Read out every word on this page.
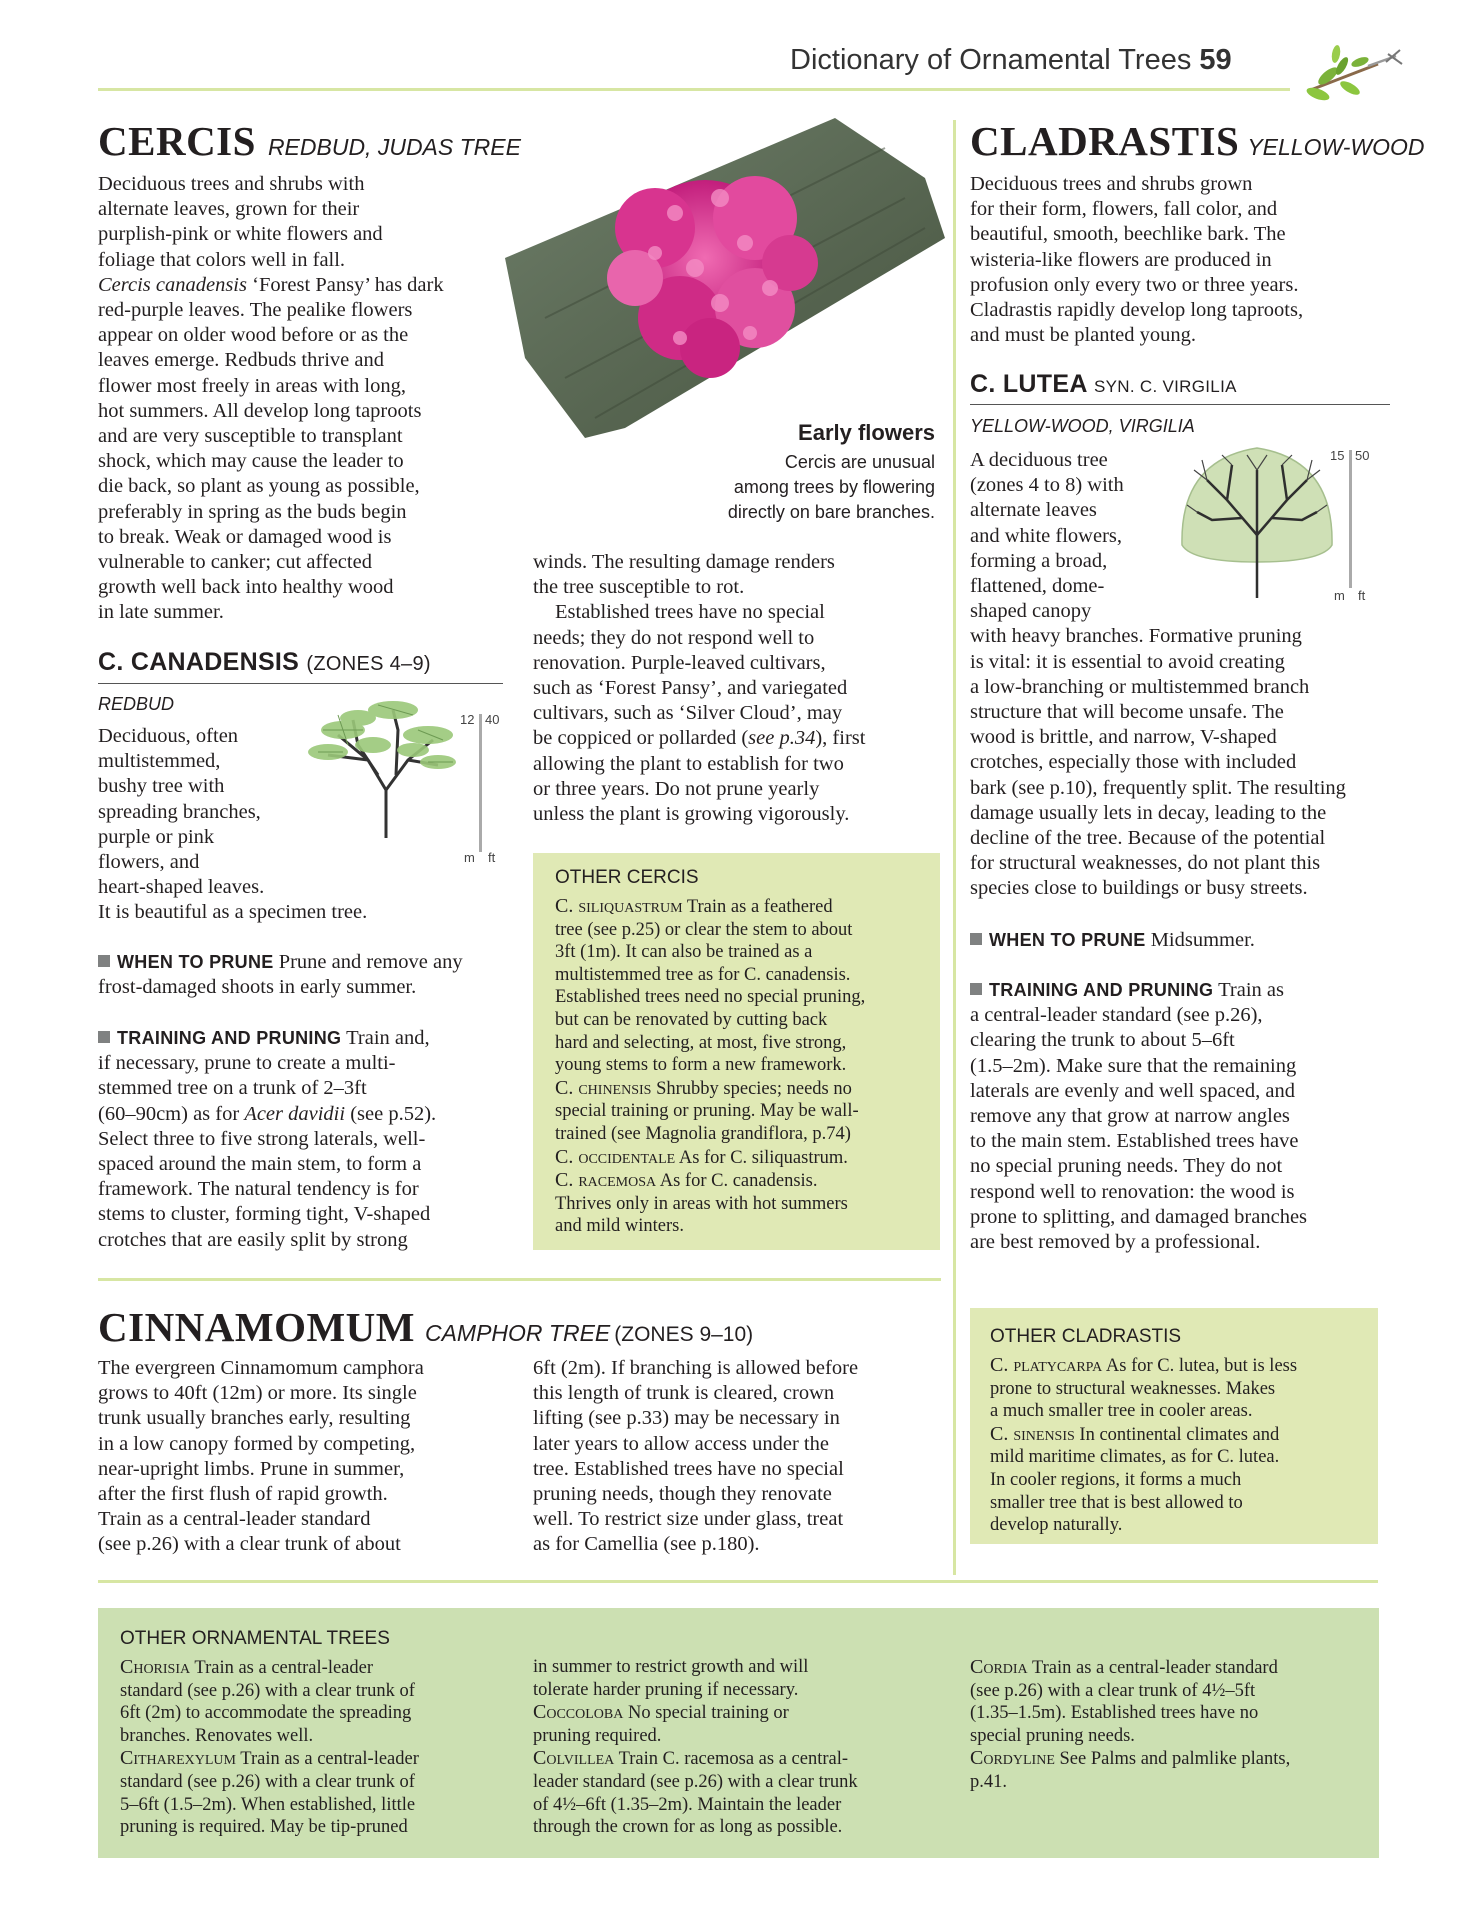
Dictionary of Ornamental Trees 59
CERCIS REDBUD, JUDAS TREE
Deciduous trees and shrubs with
alternate leaves, grown for their
purplish-pink or white flowers and
foliage that colors well in fall.
Cercis canadensis ‘Forest Pansy’ has dark
red-purple leaves. The pealike flowers
appear on older wood before or as the
leaves emerge. Redbuds thrive and
flower most freely in areas with long,
hot summers. All develop long taproots
and are very susceptible to transplant
shock, which may cause the leader to
die back, so plant as young as possible,
preferably in spring as the buds begin
to break. Weak or damaged wood is
vulnerable to canker; cut affected
growth well back into healthy wood
in late summer.
Early flowers
Cercis are unusual
among trees by flowering
directly on bare branches.
C. CANADENSIS (ZONES 4–9)
REDBUD
12 40
m ft
Deciduous, often
multistemmed,
bushy tree with
spreading branches,
purple or pink
flowers, and
heart-shaped leaves.
It is beautiful as a specimen tree.
WHEN TO PRUNE Prune and remove any
frost-damaged shoots in early summer.
TRAINING AND PRUNING Train and,
if necessary, prune to create a multi-
stemmed tree on a trunk of 2–3ft
(60–90cm) as for Acer davidii (see p.52).
Select three to five strong laterals, well-
spaced around the main stem, to form a
framework. The natural tendency is for
stems to cluster, forming tight, V-shaped
crotches that are easily split by strong
winds. The resulting damage renders
the tree susceptible to rot.
Established trees have no special
needs; they do not respond well to
renovation. Purple-leaved cultivars,
such as ‘Forest Pansy’, and variegated
cultivars, such as ‘Silver Cloud’, may
be coppiced or pollarded (see p.34), first
allowing the plant to establish for two
or three years. Do not prune yearly
unless the plant is growing vigorously.
OTHER CERCIS
C. siliquastrum Train as a feathered
tree (see p.25) or clear the stem to about
3ft (1m). It can also be trained as a
multistemmed tree as for C. canadensis.
Established trees need no special pruning,
but can be renovated by cutting back
hard and selecting, at most, five strong,
young stems to form a new framework.
C. chinensis Shrubby species; needs no
special training or pruning. May be wall-
trained (see Magnolia grandiflora, p.74)
C. occidentale As for C. siliquastrum.
C. racemosa As for C. canadensis.
Thrives only in areas with hot summers
and mild winters.
CLADRASTIS YELLOW-WOOD
Deciduous trees and shrubs grown
for their form, flowers, fall color, and
beautiful, smooth, beechlike bark. The
wisteria-like flowers are produced in
profusion only every two or three years.
Cladrastis rapidly develop long taproots,
and must be planted young.
C. LUTEA SYN. C. VIRGILIA
YELLOW-WOOD, VIRGILIA
15 50
m ft
A deciduous tree
(zones 4 to 8) with
alternate leaves
and white flowers,
forming a broad,
flattened, dome-
shaped canopy
with heavy branches. Formative pruning
is vital: it is essential to avoid creating
a low-branching or multistemmed branch
structure that will become unsafe. The
wood is brittle, and narrow, V-shaped
crotches, especially those with included
bark (see p.10), frequently split. The resulting
damage usually lets in decay, leading to the
decline of the tree. Because of the potential
for structural weaknesses, do not plant this
species close to buildings or busy streets.
WHEN TO PRUNE Midsummer.
TRAINING AND PRUNING Train as
a central-leader standard (see p.26),
clearing the trunk to about 5–6ft
(1.5–2m). Make sure that the remaining
laterals are evenly and well spaced, and
remove any that grow at narrow angles
to the main stem. Established trees have
no special pruning needs. They do not
respond well to renovation: the wood is
prone to splitting, and damaged branches
are best removed by a professional.
CINNAMOMUM CAMPHOR TREE (ZONES 9–10)
The evergreen Cinnamomum camphora
grows to 40ft (12m) or more. Its single
trunk usually branches early, resulting
in a low canopy formed by competing,
near-upright limbs. Prune in summer,
after the first flush of rapid growth.
Train as a central-leader standard
(see p.26) with a clear trunk of about
6ft (2m). If branching is allowed before
this length of trunk is cleared, crown
lifting (see p.33) may be necessary in
later years to allow access under the
tree. Established trees have no special
pruning needs, though they renovate
well. To restrict size under glass, treat
as for Camellia (see p.180).
OTHER CLADRASTIS
C. platycarpa As for C. lutea, but is less
prone to structural weaknesses. Makes
a much smaller tree in cooler areas.
C. sinensis In continental climates and
mild maritime climates, as for C. lutea.
In cooler regions, it forms a much
smaller tree that is best allowed to
develop naturally.
OTHER ORNAMENTAL TREES
Chorisia Train as a central-leader
standard (see p.26) with a clear trunk of
6ft (2m) to accommodate the spreading
branches. Renovates well.
Citharexylum Train as a central-leader
standard (see p.26) with a clear trunk of
5–6ft (1.5–2m). When established, little
pruning is required. May be tip-pruned
in summer to restrict growth and will
tolerate harder pruning if necessary.
Coccoloba No special training or
pruning required.
Colvillea Train C. racemosa as a central-
leader standard (see p.26) with a clear trunk
of 4½–6ft (1.35–2m). Maintain the leader
through the crown for as long as possible.
Cordia Train as a central-leader standard
(see p.26) with a clear trunk of 4½–5ft
(1.35–1.5m). Established trees have no
special pruning needs.
Cordyline See Palms and palmlike plants,
p.41.
